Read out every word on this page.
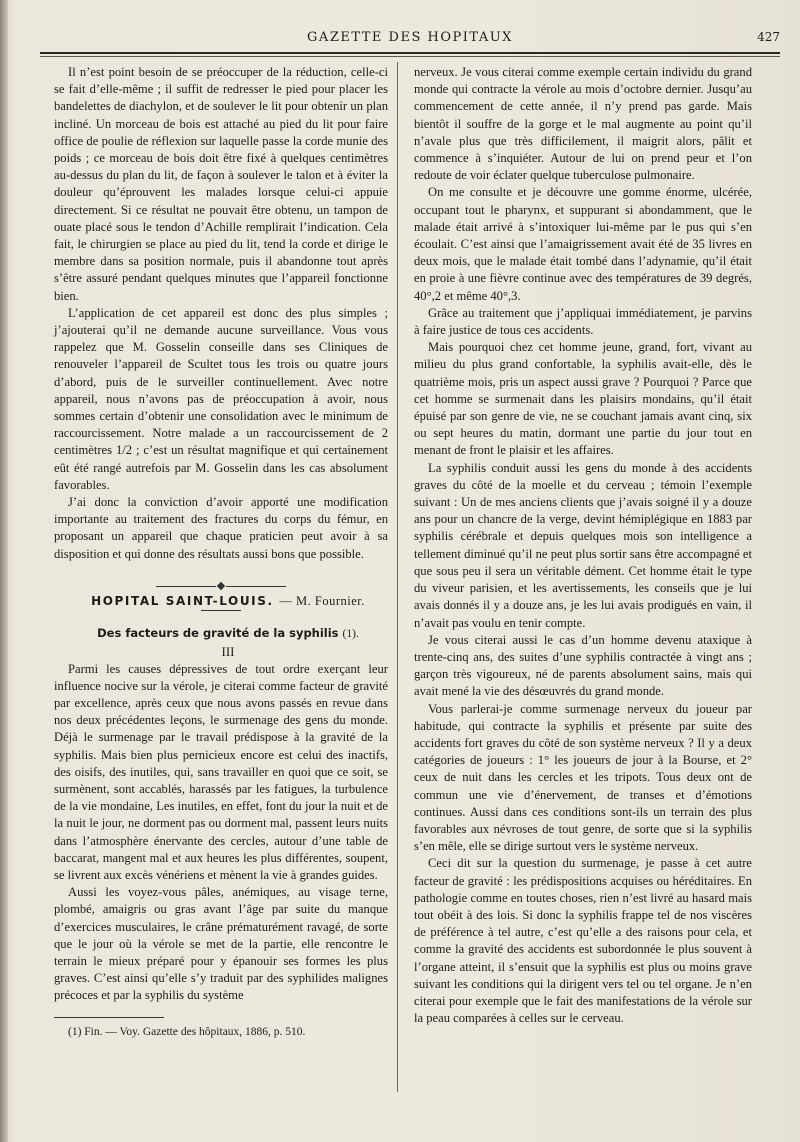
GAZETTE DES HOPITAUX	427

Il n’est point besoin de se préoccuper de la réduction, celle-ci se fait d’elle-même ; il suffit de redresser le pied pour placer les bandelettes de diachylon, et de soulever le lit pour obtenir un plan incliné. Un morceau de bois est attaché au pied du lit pour faire office de poulie de réflexion sur laquelle passe la corde munie des poids ; ce morceau de bois doit être fixé à quelques centimètres au-dessus du plan du lit, de façon à soulever le talon et à éviter la douleur qu’éprouvent les malades lorsque celui-ci appuie directement. Si ce résultat ne pouvait être obtenu, un tampon de ouate placé sous le tendon d’Achille remplirait l’indication. Cela fait, le chirurgien se place au pied du lit, tend la corde et dirige le membre dans sa position normale, puis il abandonne tout après s’être assuré pendant quelques minutes que l’appareil fonctionne bien.

L’application de cet appareil est donc des plus simples ; j’ajouterai qu’il ne demande aucune surveillance. Vous vous rappelez que M. Gosselin conseille dans ses Cliniques de renouveler l’appareil de Scultet tous les trois ou quatre jours d’abord, puis de le surveiller continuellement. Avec notre appareil, nous n’avons pas de préoccupation à avoir, nous sommes certain d’obtenir une consolidation avec le minimum de raccourcissement. Notre malade a un raccourcissement de 2 centimètres 1/2 ; c’est un résultat magnifique et qui certainement eût été rangé autrefois par M. Gosselin dans les cas absolument favorables.

J’ai donc la conviction d’avoir apporté une modification importante au traitement des fractures du corps du fémur, en proposant un appareil que chaque praticien peut avoir à sa disposition et qui donne des résultats aussi bons que possible.

HOPITAL SAINT-LOUIS. — M. Fournier.

Des facteurs de gravité de la syphilis (1).

III

Parmi les causes dépressives de tout ordre exerçant leur influence nocive sur la vérole, je citerai comme facteur de gravité par excellence, après ceux que nous avons passés en revue dans nos deux précédentes leçons, le surmenage des gens du monde. Déjà le surmenage par le travail prédispose à la gravité de la syphilis. Mais bien plus pernicieux encore est celui des inactifs, des oisifs, des inutiles, qui, sans travailler en quoi que ce soit, se surmènent, sont accablés, harassés par les fatigues, la turbulence de la vie mondaine, Les inutiles, en effet, font du jour la nuit et de la nuit le jour, ne dorment pas ou dorment mal, passent leurs nuits dans l’atmosphère énervante des cercles, autour d’une table de baccarat, mangent mal et aux heures les plus différentes, soupent, se livrent aux excès vénériens et mènent la vie à grandes guides.

Aussi les voyez-vous pâles, anémiques, au visage terne, plombé, amaigris ou gras avant l’âge par suite du manque d’exercices musculaires, le crâne prématurément ravagé, de sorte que le jour où la vérole se met de la partie, elle rencontre le terrain le mieux préparé pour y épanouir ses formes les plus graves. C’est ainsi qu’elle s’y traduit par des syphilides malignes précoces et par la syphilis du système

(1) Fin. — Voy. Gazette des hôpitaux, 1886, p. 510.

nerveux. Je vous citerai comme exemple certain individu du grand monde qui contracte la vérole au mois d’octobre dernier. Jusqu’au commencement de cette année, il n’y prend pas garde. Mais bientôt il souffre de la gorge et le mal augmente au point qu’il n’avale plus que très difficilement, il maigrit alors, pâlit et commence à s’inquiéter. Autour de lui on prend peur et l’on redoute de voir éclater quelque tuberculose pulmonaire.

On me consulte et je découvre une gomme énorme, ulcérée, occupant tout le pharynx, et suppurant si abondamment, que le malade était arrivé à s’intoxiquer lui-même par le pus qui s’en écoulait. C’est ainsi que l’amaigrissement avait été de 35 livres en deux mois, que le malade était tombé dans l’adynamie, qu’il était en proie à une fièvre continue avec des températures de 39 degrés, 40°,2 et même 40°,3.

Grâce au traitement que j’appliquai immédiatement, je parvins à faire justice de tous ces accidents.

Mais pourquoi chez cet homme jeune, grand, fort, vivant au milieu du plus grand confortable, la syphilis avait-elle, dès le quatrième mois, pris un aspect aussi grave ? Pourquoi ? Parce que cet homme se surmenait dans les plaisirs mondains, qu’il était épuisé par son genre de vie, ne se couchant jamais avant cinq, six ou sept heures du matin, dormant une partie du jour tout en menant de front le plaisir et les affaires.

La syphilis conduit aussi les gens du monde à des accidents graves du côté de la moelle et du cerveau ; témoin l’exemple suivant : Un de mes anciens clients que j’avais soigné il y a douze ans pour un chancre de la verge, devint hémiplégique en 1883 par syphilis cérébrale et depuis quelques mois son intelligence a tellement diminué qu’il ne peut plus sortir sans être accompagné et que sous peu il sera un véritable dément. Cet homme était le type du viveur parisien, et les avertissements, les conseils que je lui avais donnés il y a douze ans, je les lui avais prodigués en vain, il n’avait pas voulu en tenir compte.

Je vous citerai aussi le cas d’un homme devenu ataxique à trente-cinq ans, des suites d’une syphilis contractée à vingt ans ; garçon très vigoureux, né de parents absolument sains, mais qui avait mené la vie des désœuvrés du grand monde.

Vous parlerai-je comme surmenage nerveux du joueur par habitude, qui contracte la syphilis et présente par suite des accidents fort graves du côté de son système nerveux ? Il y a deux catégories de joueurs : 1° les joueurs de jour à la Bourse, et 2° ceux de nuit dans les cercles et les tripots. Tous deux ont de commun une vie d’énervement, de transes et d’émotions continues. Aussi dans ces conditions sont-ils un terrain des plus favorables aux névroses de tout genre, de sorte que si la syphilis s’en mêle, elle se dirige surtout vers le système nerveux.

Ceci dit sur la question du surmenage, je passe à cet autre facteur de gravité : les prédispositions acquises ou héréditaires. En pathologie comme en toutes choses, rien n’est livré au hasard mais tout obéit à des lois. Si donc la syphilis frappe tel de nos viscères de préférence à tel autre, c’est qu’elle a des raisons pour cela, et comme la gravité des accidents est subordonnée le plus souvent à l’organe atteint, il s’ensuit que la syphilis est plus ou moins grave suivant les conditions qui la dirigent vers tel ou tel organe. Je n’en citerai pour exemple que le fait des manifestations de la vérole sur la peau comparées à celles sur le cerveau.
